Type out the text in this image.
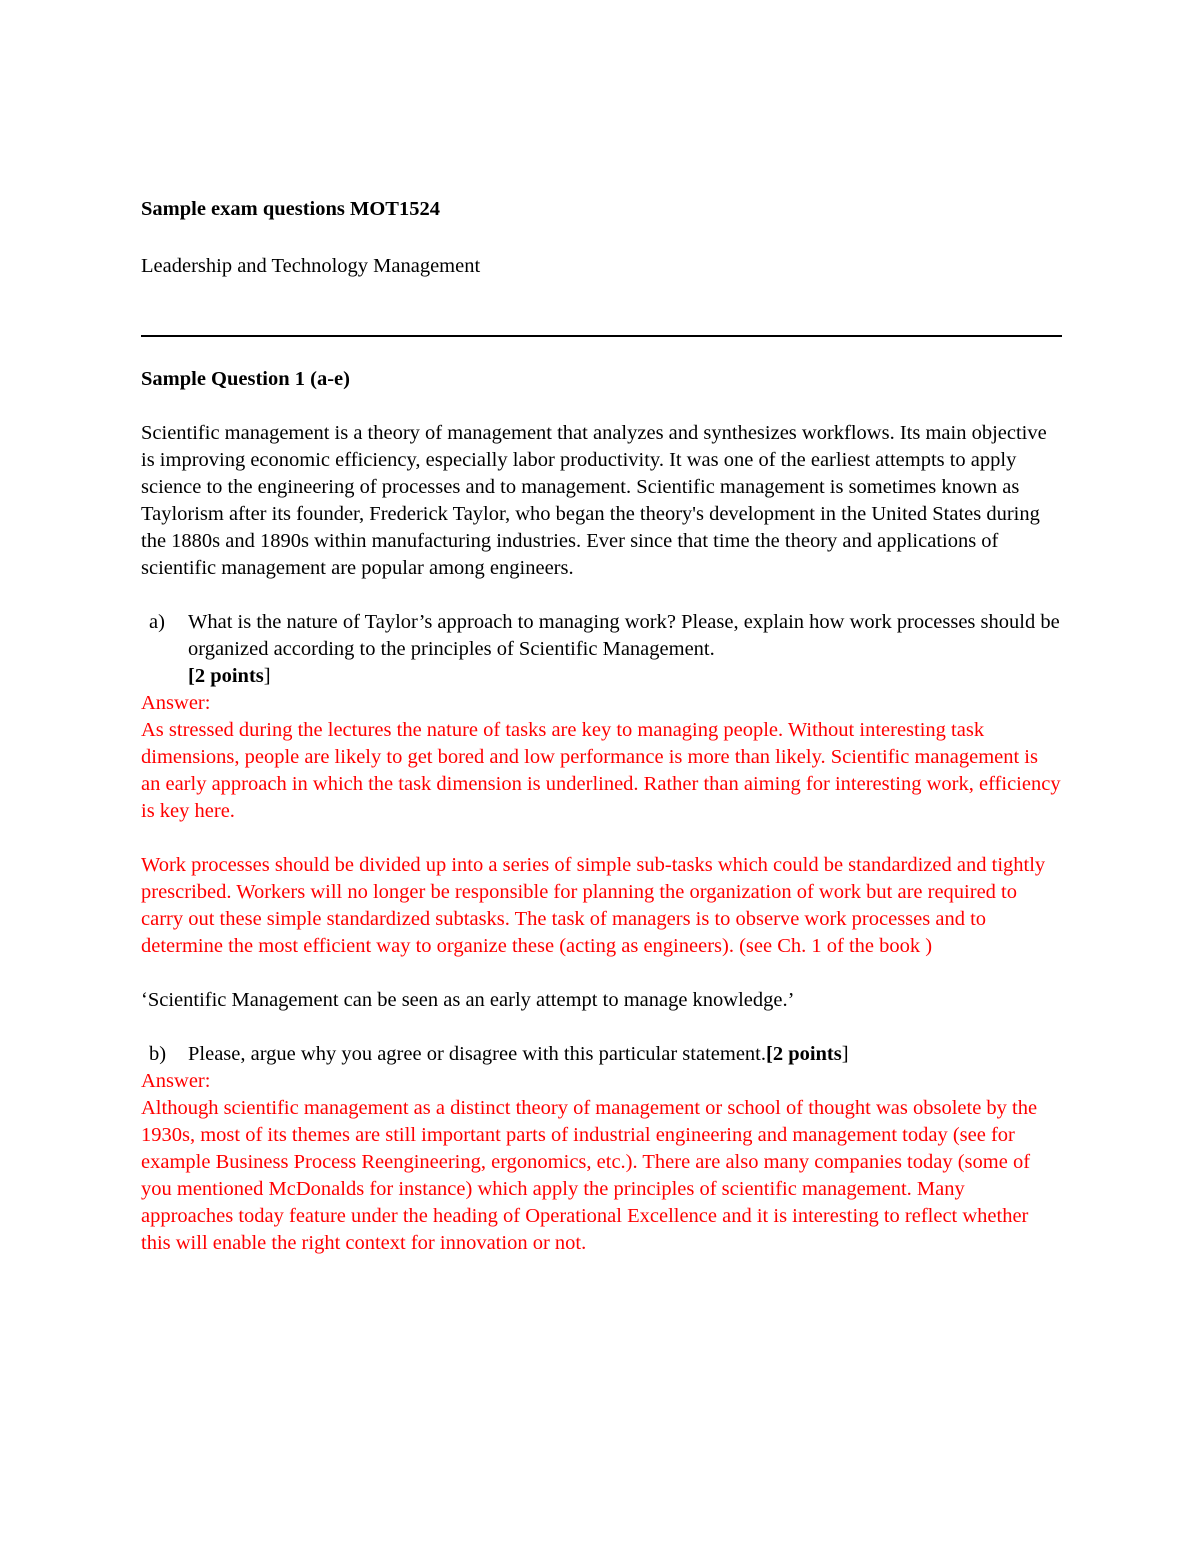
Sample exam questions MOT1524

Leadership and Technology Management

Sample Question 1 (a-e)

Scientific management is a theory of management that analyzes and synthesizes workflows. Its main objective is improving economic efficiency, especially labor productivity. It was one of the earliest attempts to apply science to the engineering of processes and to management. Scientific management is sometimes known as Taylorism after its founder, Frederick Taylor, who began the theory's development in the United States during the 1880s and 1890s within manufacturing industries. Ever since that time the theory and applications of scientific management are popular among engineers.

a) What is the nature of Taylor’s approach to managing work? Please, explain how work processes should be organized according to the principles of Scientific Management.

[2 points]

Answer:

As stressed during the lectures the nature of tasks are key to managing people. Without interesting task dimensions, people are likely to get bored and low performance is more than likely. Scientific management is an early approach in which the task dimension is underlined. Rather than aiming for interesting work, efficiency is key here.

Work processes should be divided up into a series of simple sub-tasks which could be standardized and tightly prescribed. Workers will no longer be responsible for planning the organization of work but are required to carry out these simple standardized subtasks. The task of managers is to observe work processes and to determine the most efficient way to organize these (acting as engineers). (see Ch. 1 of the book )

‘Scientific Management can be seen as an early attempt to manage knowledge.’

b) Please, argue why you agree or disagree with this particular statement.[2 points]

Answer:

Although scientific management as a distinct theory of management or school of thought was obsolete by the 1930s, most of its themes are still important parts of industrial engineering and management today (see for example Business Process Reengineering, ergonomics, etc.). There are also many companies today (some of you mentioned McDonalds for instance) which apply the principles of scientific management. Many approaches today feature under the heading of Operational Excellence and it is interesting to reflect whether this will enable the right context for innovation or not.
